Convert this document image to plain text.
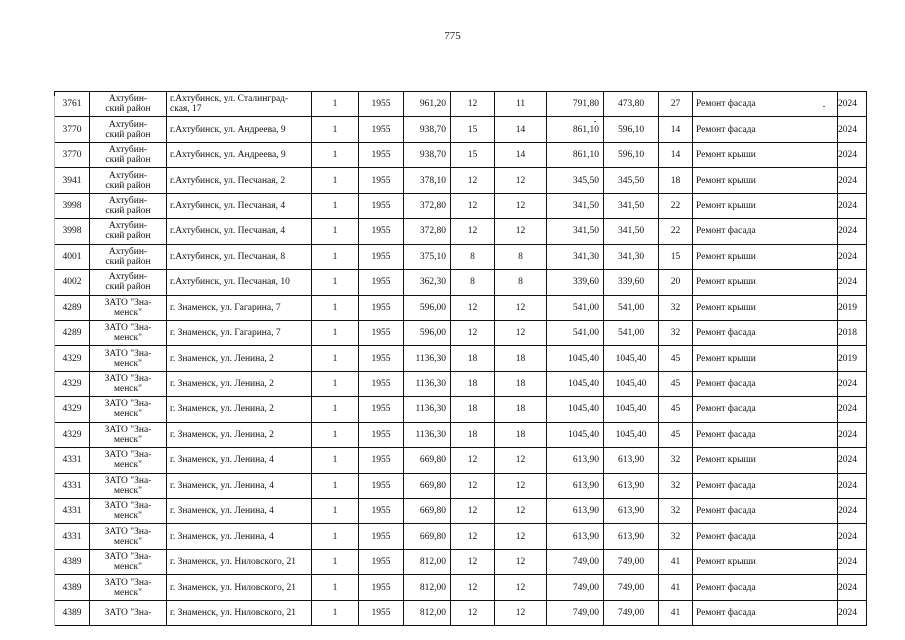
775
3761	Ахтубин-
ский район	г.Ахтубинск, ул. Сталинград-
ская, 17	1	1955	961,20	12	11	791,80	473,80	27	Ремонт фасада	2024
3770	Ахтубин-
ский район	г.Ахтубинск, ул. Андреева, 9	1	1955	938,70	15	14	861,10	596,10	14	Ремонт фасада	2024
3770	Ахтубин-
ский район	г.Ахтубинск, ул. Андреева, 9	1	1955	938,70	15	14	861,10	596,10	14	Ремонт крыши	2024
3941	Ахтубин-
ский район	г.Ахтубинск, ул. Песчаная, 2	1	1955	378,10	12	12	345,50	345,50	18	Ремонт крыши	2024
3998	Ахтубин-
ский район	г.Ахтубинск, ул. Песчаная, 4	1	1955	372,80	12	12	341,50	341,50	22	Ремонт крыши	2024
3998	Ахтубин-
ский район	г.Ахтубинск, ул. Песчаная, 4	1	1955	372,80	12	12	341,50	341,50	22	Ремонт фасада	2024
4001	Ахтубин-
ский район	г.Ахтубинск, ул. Песчаная, 8	1	1955	375,10	8	8	341,30	341,30	15	Ремонт крыши	2024
4002	Ахтубин-
ский район	г.Ахтубинск, ул. Песчаная, 10	1	1955	362,30	8	8	339,60	339,60	20	Ремонт крыши	2024
4289	ЗАТО "Зна-
менск"	г. Знаменск, ул. Гагарина, 7	1	1955	596,00	12	12	541,00	541,00	32	Ремонт крыши	2019
4289	ЗАТО "Зна-
менск"	г. Знаменск, ул. Гагарина, 7	1	1955	596,00	12	12	541,00	541,00	32	Ремонт фасада	2018
4329	ЗАТО "Зна-
менск"	г. Знаменск, ул. Ленина, 2	1	1955	1136,30	18	18	1045,40	1045,40	45	Ремонт крыши	2019
4329	ЗАТО "Зна-
менск"	г. Знаменск, ул. Ленина, 2	1	1955	1136,30	18	18	1045,40	1045,40	45	Ремонт фасада	2024
4329	ЗАТО "Зна-
менск"	г. Знаменск, ул. Ленина, 2	1	1955	1136,30	18	18	1045,40	1045,40	45	Ремонт фасада	2024
4329	ЗАТО "Зна-
менск"	г. Знаменск, ул. Ленина, 2	1	1955	1136,30	18	18	1045,40	1045,40	45	Ремонт фасада	2024
4331	ЗАТО "Зна-
менск"	г. Знаменск, ул. Ленина, 4	1	1955	669,80	12	12	613,90	613,90	32	Ремонт крыши	2024
4331	ЗАТО "Зна-
менск"	г. Знаменск, ул. Ленина, 4	1	1955	669,80	12	12	613,90	613,90	32	Ремонт фасада	2024
4331	ЗАТО "Зна-
менск"	г. Знаменск, ул. Ленина, 4	1	1955	669,80	12	12	613,90	613,90	32	Ремонт фасада	2024
4331	ЗАТО "Зна-
менск"	г. Знаменск, ул. Ленина, 4	1	1955	669,80	12	12	613,90	613,90	32	Ремонт фасада	2024
4389	ЗАТО "Зна-
менск"	г. Знаменск, ул. Ниловского, 21	1	1955	812,00	12	12	749,00	749,00	41	Ремонт крыши	2024
4389	ЗАТО "Зна-
менск"	г. Знаменск, ул. Ниловского, 21	1	1955	812,00	12	12	749,00	749,00	41	Ремонт фасада	2024
4389	ЗАТО "Зна-	г. Знаменск, ул. Ниловского, 21	1	1955	812,00	12	12	749,00	749,00	41	Ремонт фасада	2024
